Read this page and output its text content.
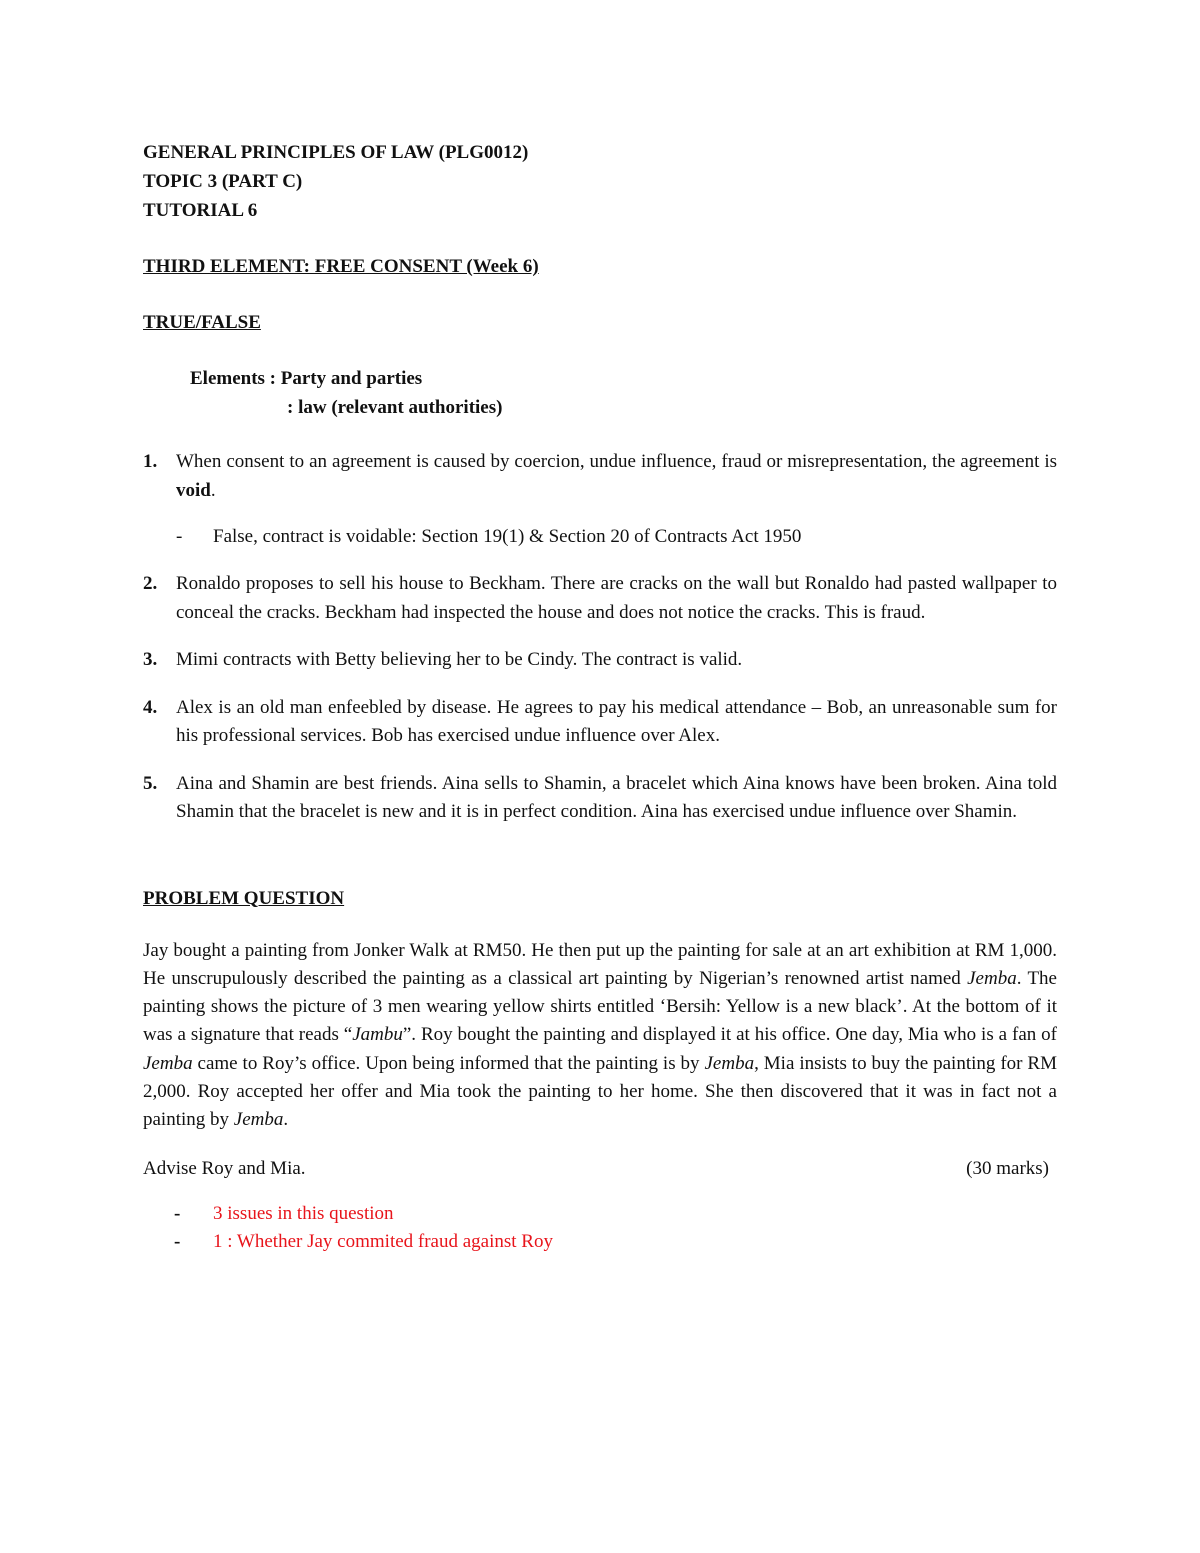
GENERAL PRINCIPLES OF LAW (PLG0012)

TOPIC 3 (PART C)

TUTORIAL 6

THIRD ELEMENT: FREE CONSENT (Week 6)

TRUE/FALSE

Elements : Party and parties
: law (relevant authorities)
1. When consent to an agreement is caused by coercion, undue influence, fraud or misrepresentation, the agreement is void.
- False, contract is voidable: Section 19(1) & Section 20 of Contracts Act 1950
2. Ronaldo proposes to sell his house to Beckham. There are cracks on the wall but Ronaldo had pasted wallpaper to conceal the cracks. Beckham had inspected the house and does not notice the cracks. This is fraud.
3. Mimi contracts with Betty believing her to be Cindy. The contract is valid.
4. Alex is an old man enfeebled by disease. He agrees to pay his medical attendance – Bob, an unreasonable sum for his professional services. Bob has exercised undue influence over Alex.
5. Aina and Shamin are best friends. Aina sells to Shamin, a bracelet which Aina knows have been broken. Aina told Shamin that the bracelet is new and it is in perfect condition. Aina has exercised undue influence over Shamin.

PROBLEM QUESTION

Jay bought a painting from Jonker Walk at RM50. He then put up the painting for sale at an art exhibition at RM 1,000. He unscrupulously described the painting as a classical art painting by Nigerian’s renowned artist named Jemba. The painting shows the picture of 3 men wearing yellow shirts entitled ‘Bersih: Yellow is a new black’. At the bottom of it was a signature that reads “Jambu”. Roy bought the painting and displayed it at his office. One day, Mia who is a fan of Jemba came to Roy’s office. Upon being informed that the painting is by Jemba, Mia insists to buy the painting for RM 2,000. Roy accepted her offer and Mia took the painting to her home. She then discovered that it was in fact not a painting by Jemba.

Advise Roy and Mia.	(30 marks)
- 3 issues in this question
- 1 : Whether Jay commited fraud against Roy
